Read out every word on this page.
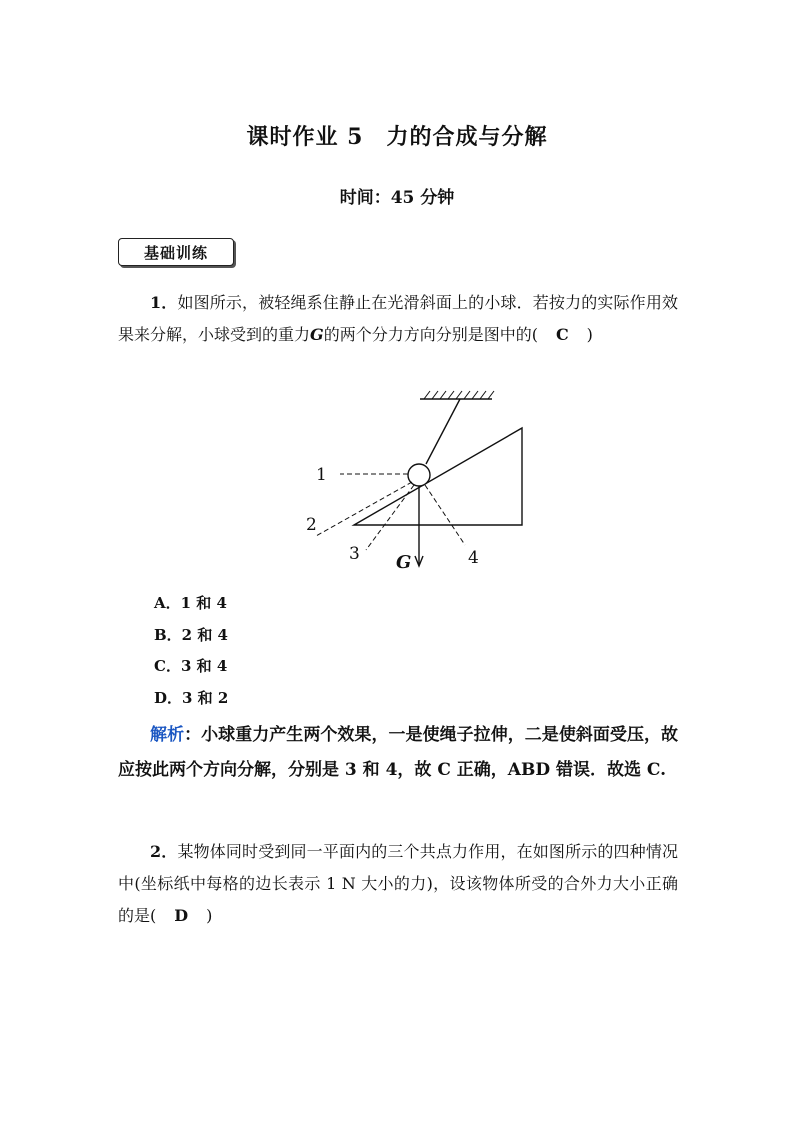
课时作业 5　力的合成与分解
时间：45 分钟
基础训练
1．如图所示，被轻绳系住静止在光滑斜面上的小球．若按力的实际作用效果来分解，小球受到的重力G的两个分力方向分别是图中的( C )
1
2
3	4
G
A．1 和 4
B．2 和 4
C．3 和 4
D．3 和 2
解析：小球重力产生两个效果，一是使绳子拉伸，二是使斜面受压，故应按此两个方向分解，分别是 3 和 4，故 C 正确，ABD 错误．故选 C.
2．某物体同时受到同一平面内的三个共点力作用，在如图所示的四种情况中(坐标纸中每格的边长表示 1 N 大小的力)，设该物体所受的合外力大小正确的是( D )
